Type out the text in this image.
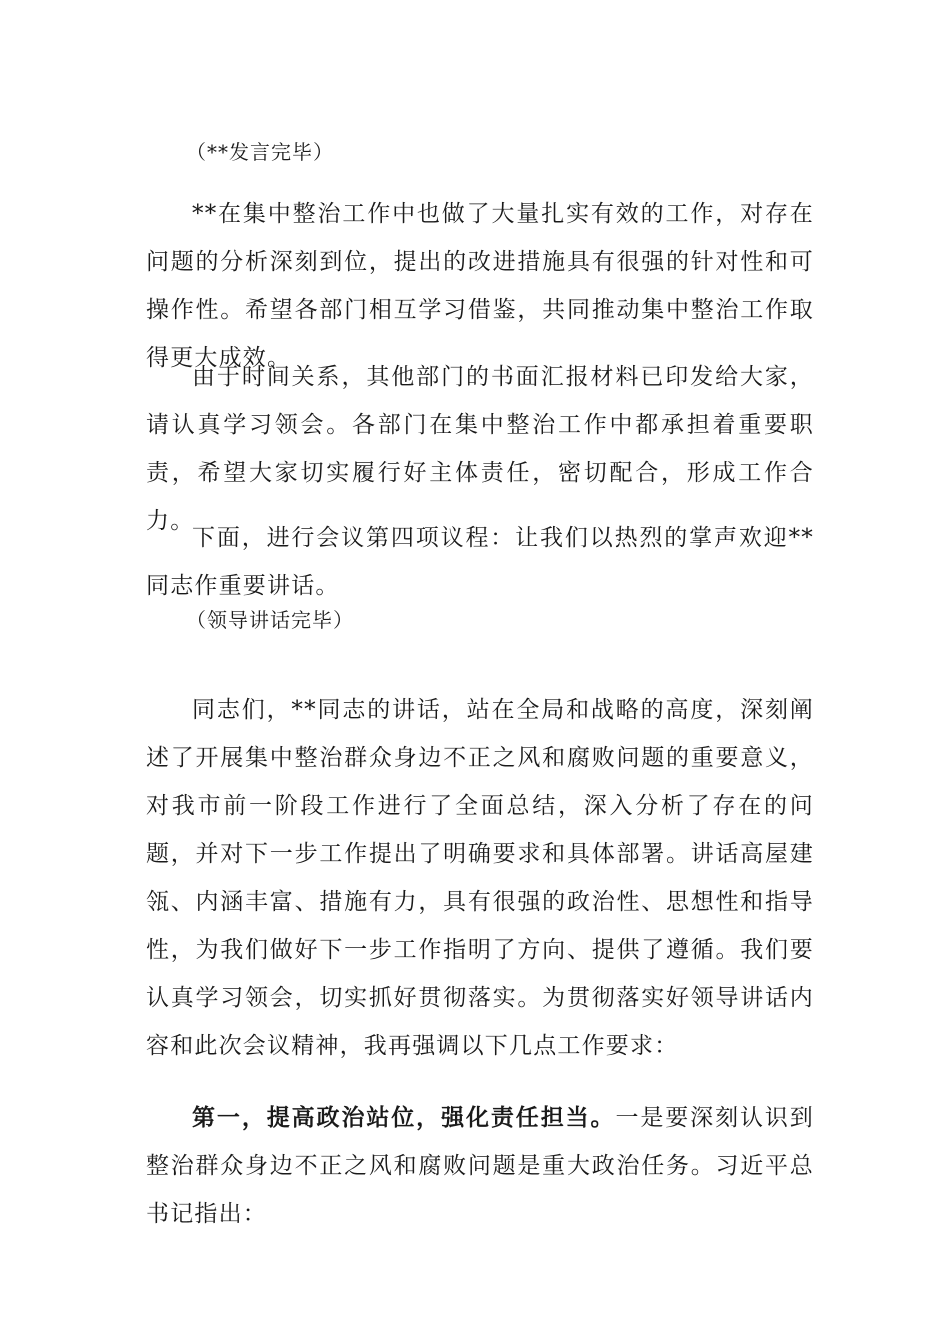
（**发言完毕）

**在集中整治工作中也做了大量扎实有效的工作，对存在问题的分析深刻到位，提出的改进措施具有很强的针对性和可操作性。希望各部门相互学习借鉴，共同推动集中整治工作取得更大成效。

由于时间关系，其他部门的书面汇报材料已印发给大家，请认真学习领会。各部门在集中整治工作中都承担着重要职责，希望大家切实履行好主体责任，密切配合，形成工作合力。

下面，进行会议第四项议程：让我们以热烈的掌声欢迎**同志作重要讲话。

（领导讲话完毕）

同志们，**同志的讲话，站在全局和战略的高度，深刻阐述了开展集中整治群众身边不正之风和腐败问题的重要意义，对我市前一阶段工作进行了全面总结，深入分析了存在的问题，并对下一步工作提出了明确要求和具体部署。讲话高屋建瓴、内涵丰富、措施有力，具有很强的政治性、思想性和指导性，为我们做好下一步工作指明了方向、提供了遵循。我们要认真学习领会，切实抓好贯彻落实。为贯彻落实好领导讲话内容和此次会议精神，我再强调以下几点工作要求：

第一，提高政治站位，强化责任担当。一是要深刻认识到整治群众身边不正之风和腐败问题是重大政治任务。习近平总书记指出：
